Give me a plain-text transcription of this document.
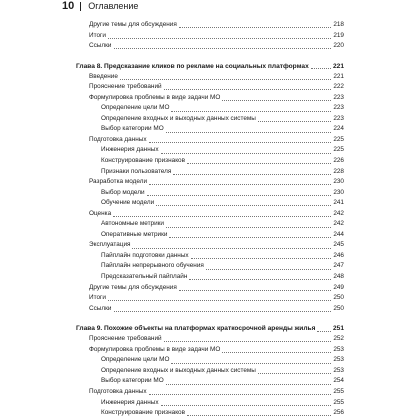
10 Оглавление
Другие темы для обсуждения	218
Итоги	219
Ссылки	220
Глава 8. Предсказание кликов по рекламе на социальных платформах	221
Введение	221
Прояснение требований	222
Формулировка проблемы в виде задачи МО	223
Определение цели МО	223
Определение входных и выходных данных системы	223
Выбор категории МО	224
Подготовка данных	225
Инженерия данных	225
Конструирование признаков	226
Признаки пользователя	228
Разработка модели	230
Выбор модели	230
Обучение модели	241
Оценка	242
Автономные метрики	242
Оперативные метрики	244
Эксплуатация	245
Пайплайн подготовки данных	246
Пайплайн непрерывного обучения	247
Предсказательный пайплайн	248
Другие темы для обсуждения	249
Итоги	250
Ссылки	250
Глава 9. Похожие объекты на платформах краткосрочной аренды жилья	251
Прояснение требований	252
Формулировка проблемы в виде задачи МО	253
Определение цели МО	253
Определение входных и выходных данных системы	253
Выбор категории МО	254
Подготовка данных	255
Инженерия данных	255
Конструирование признаков	256
